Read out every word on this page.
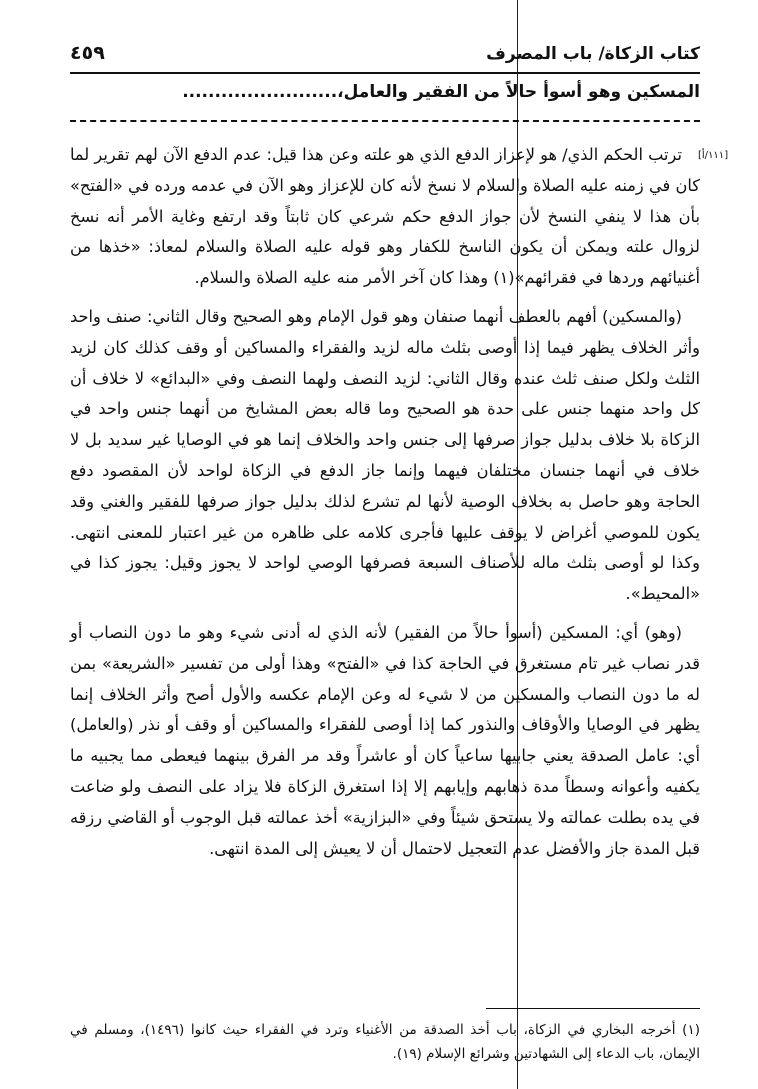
كتاب الزكاة/ باب المصرف
٤٥٩
المسكين وهو أسوأ حالاً من الفقير والعامل،........................
[١١١/أ]

ترتب الحكم الذي/ هو لإعزاز الدفع الذي هو علته وعن هذا قيل: عدم الدفع الآن لهم تقرير لما كان في زمنه عليه الصلاة والسلام لا نسخ لأنه كان للإعزاز وهو الآن في عدمه ورده في «الفتح» بأن هذا لا ينفي النسخ لأن جواز الدفع حكم شرعي كان ثابتاً وقد ارتفع وغاية الأمر أنه نسخ لزوال علته ويمكن أن يكون الناسخ للكفار وهو قوله عليه الصلاة والسلام لمعاذ: «خذها من أغنيائهم وردها في فقرائهم»(١) وهذا كان آخر الأمر منه عليه الصلاة والسلام.

(والمسكين) أفهم بالعطف أنهما صنفان وهو قول الإمام وهو الصحيح وقال الثاني: صنف واحد وأثر الخلاف يظهر فيما إذا أوصى بثلث ماله لزيد والفقراء والمساكين أو وقف كذلك كان لزيد الثلث ولكل صنف ثلث عنده وقال الثاني: لزيد النصف ولهما النصف وفي «البدائع» لا خلاف أن كل واحد منهما جنس على حدة هو الصحيح وما قاله بعض المشايخ من أنهما جنس واحد في الزكاة بلا خلاف بدليل جواز صرفها إلى جنس واحد والخلاف إنما هو في الوصايا غير سديد بل لا خلاف في أنهما جنسان مختلفان فيهما وإنما جاز الدفع في الزكاة لواحد لأن المقصود دفع الحاجة وهو حاصل به بخلاف الوصية لأنها لم تشرع لذلك بدليل جواز صرفها للفقير والغني وقد يكون للموصي أغراض لا يوقف عليها فأجرى كلامه على ظاهره من غير اعتبار للمعنى انتهى. وكذا لو أوصى بثلث ماله للأصناف السبعة فصرفها الوصي لواحد لا يجوز وقيل: يجوز كذا في «المحيط».

(وهو) أي: المسكين (أسوأ حالاً من الفقير) لأنه الذي له أدنى شيء وهو ما دون النصاب أو قدر نصاب غير تام مستغرق في الحاجة كذا في «الفتح» وهذا أولى من تفسير «الشريعة» بمن له ما دون النصاب والمسكين من لا شيء له وعن الإمام عكسه والأول أصح وأثر الخلاف إنما يظهر في الوصايا والأوقاف والنذور كما إذا أوصى للفقراء والمساكين أو وقف أو نذر (والعامل) أي: عامل الصدقة يعني جابيها ساعياً كان أو عاشراً وقد مر الفرق بينهما فيعطى مما يجبيه ما يكفيه وأعوانه وسطاً مدة ذهابهم وإيابهم إلا إذا استغرق الزكاة فلا يزاد على النصف ولو ضاعت في يده بطلت عمالته ولا يستحق شيئاً وفي «البزازية» أخذ عمالته قبل الوجوب أو القاضي رزقه قبل المدة جاز والأفضل عدم التعجيل لاحتمال أن لا يعيش إلى المدة انتهى.

(١) أخرجه البخاري في الزكاة، باب أخذ الصدقة من الأغنياء وترد في الفقراء حيث كانوا (١٤٩٦)، ومسلم في الإيمان، باب الدعاء إلى الشهادتين وشرائع الإسلام (١٩).
